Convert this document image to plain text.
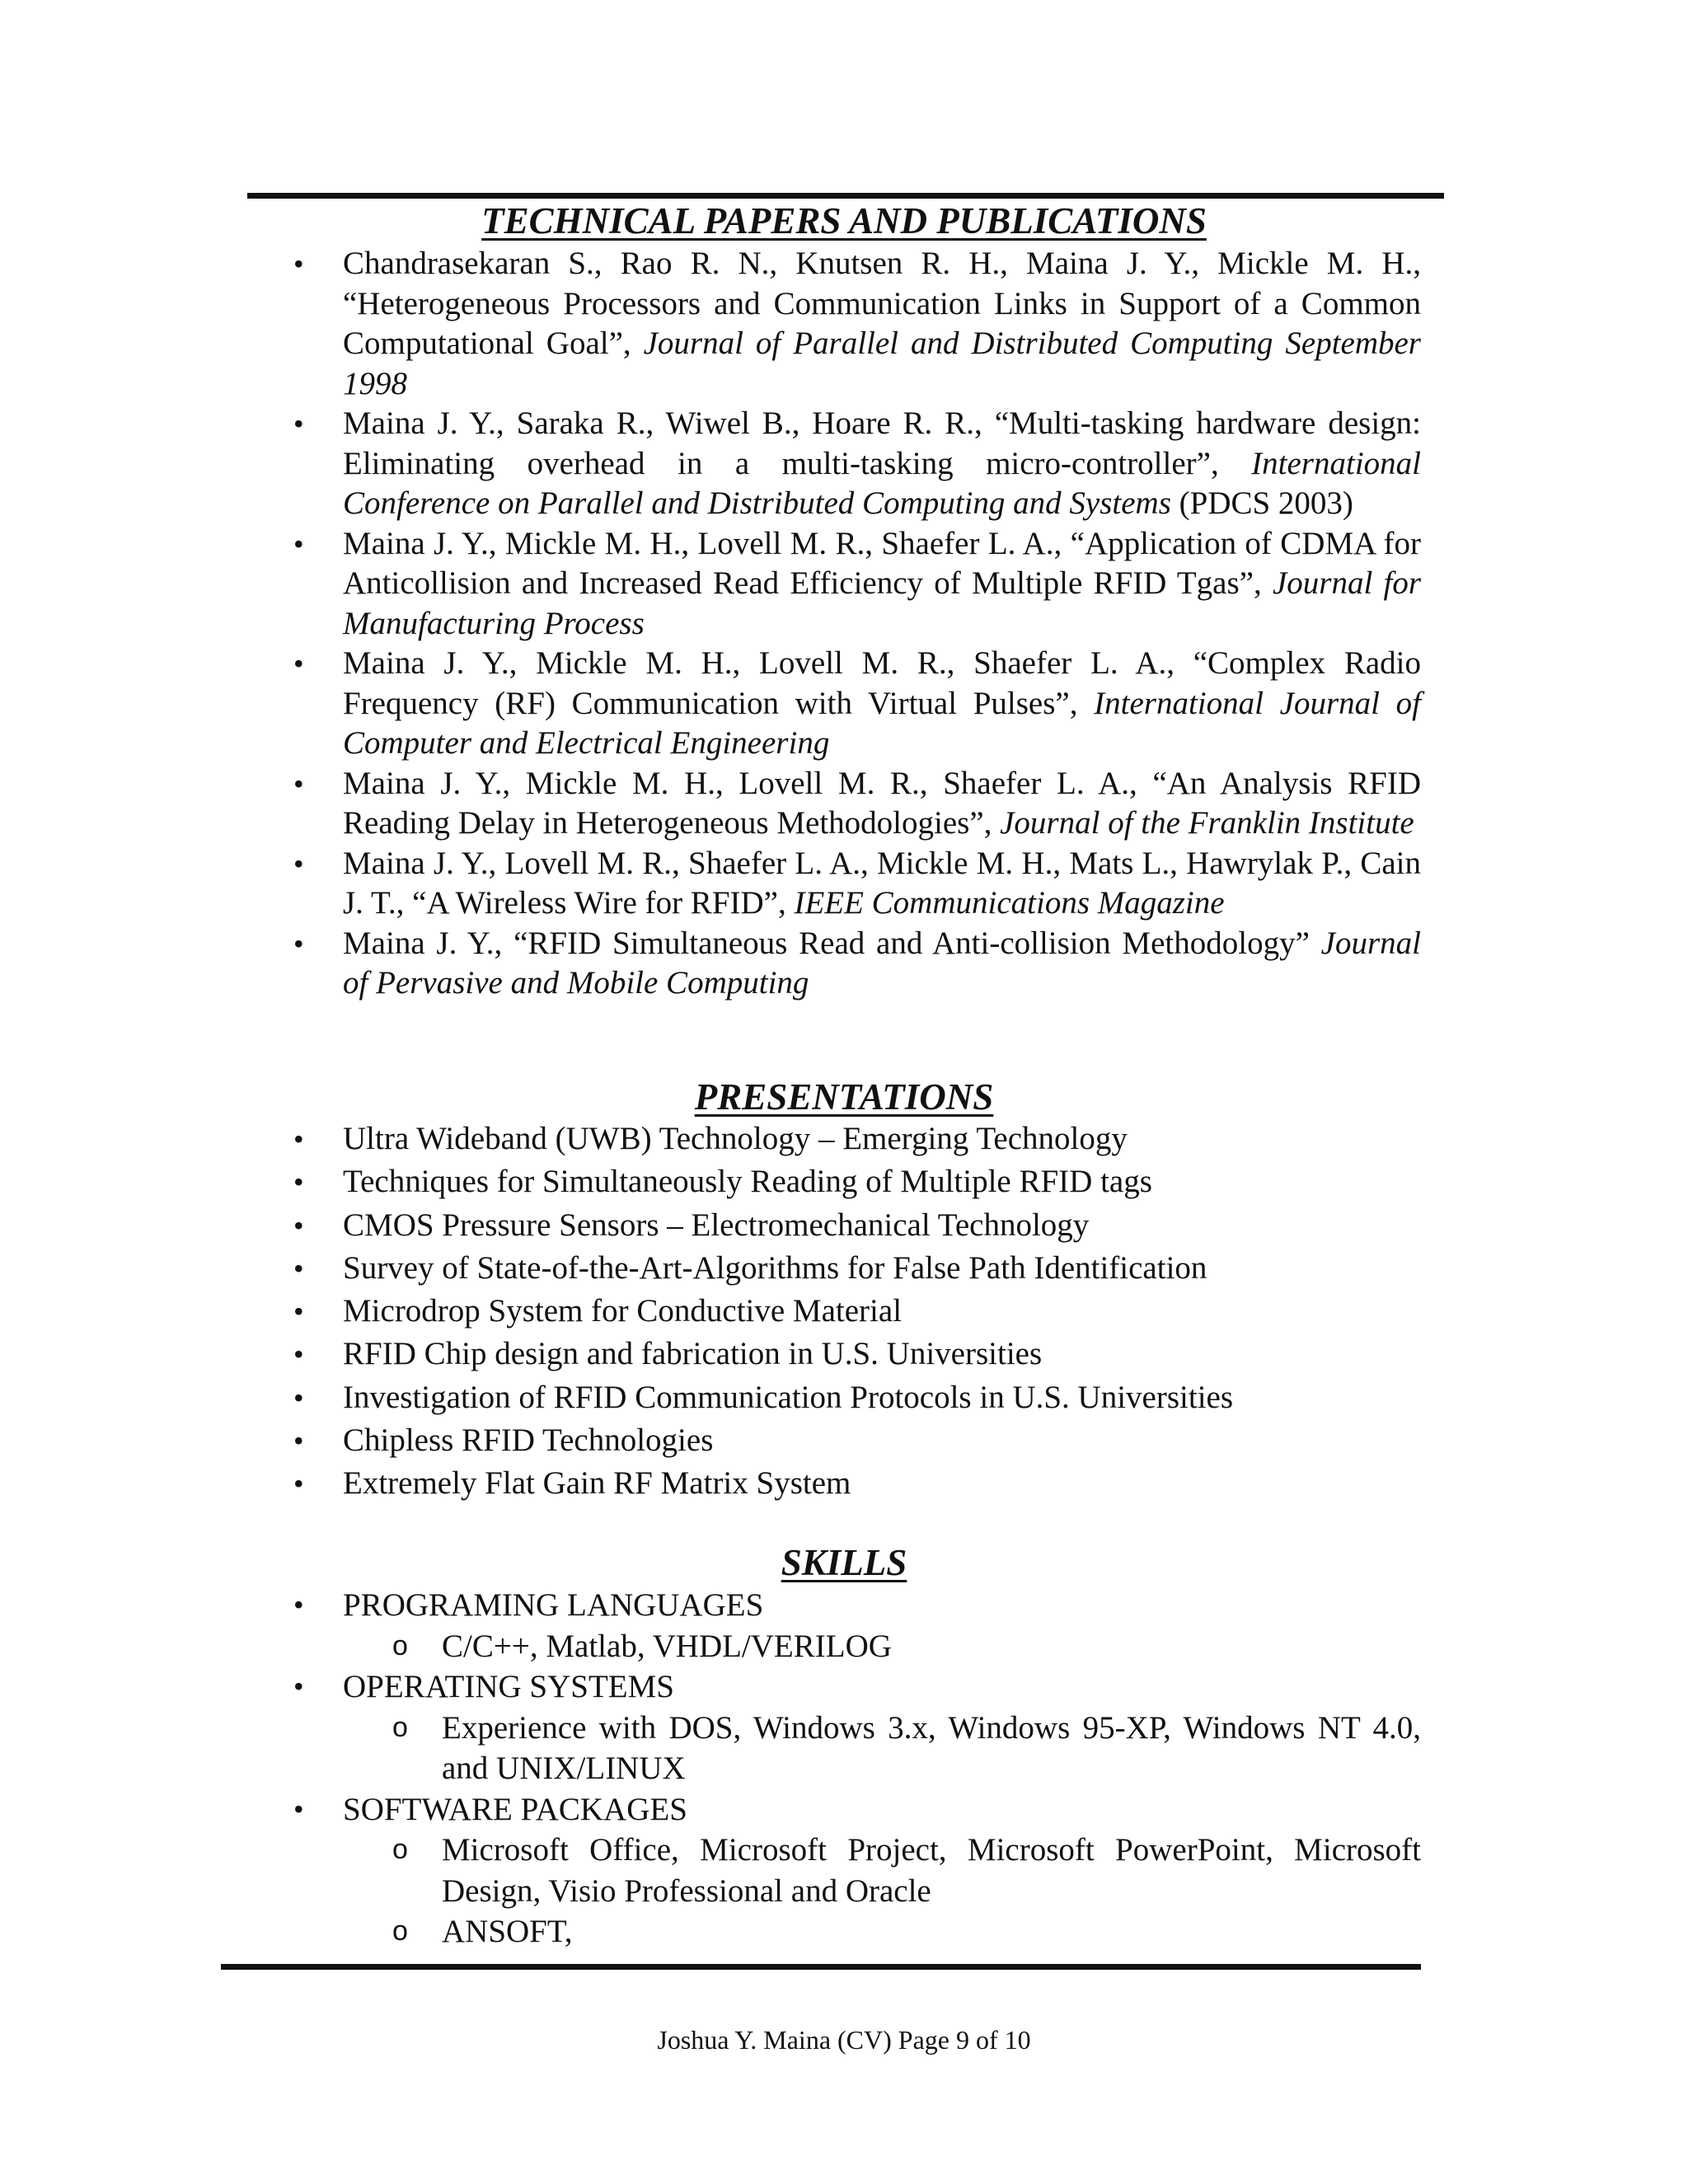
TECHNICAL PAPERS AND PUBLICATIONS
• Chandrasekaran S., Rao R. N., Knutsen R. H., Maina J. Y., Mickle M. H., “Heterogeneous Processors and Communication Links in Support of a Common Computational Goal”, Journal of Parallel and Distributed Computing September 1998
• Maina J. Y., Saraka R., Wiwel B., Hoare R. R., “Multi-tasking hardware design: Eliminating overhead in a multi-tasking micro-controller”, International Conference on Parallel and Distributed Computing and Systems (PDCS 2003)
• Maina J. Y., Mickle M. H., Lovell M. R., Shaefer L. A., “Application of CDMA for Anticollision and Increased Read Efficiency of Multiple RFID Tgas”, Journal for Manufacturing Process
• Maina J. Y., Mickle M. H., Lovell M. R., Shaefer L. A., “Complex Radio Frequency (RF) Communication with Virtual Pulses”, International Journal of Computer and Electrical Engineering
• Maina J. Y., Mickle M. H., Lovell M. R., Shaefer L. A., “An Analysis RFID Reading Delay in Heterogeneous Methodologies”, Journal of the Franklin Institute
• Maina J. Y., Lovell M. R., Shaefer L. A., Mickle M. H., Mats L., Hawrylak P., Cain J. T., “A Wireless Wire for RFID”, IEEE Communications Magazine
• Maina J. Y., “RFID Simultaneous Read and Anti-collision Methodology” Journal of Pervasive and Mobile Computing
PRESENTATIONS
• Ultra Wideband (UWB) Technology – Emerging Technology
• Techniques for Simultaneously Reading of Multiple RFID tags
• CMOS Pressure Sensors – Electromechanical Technology
• Survey of State-of-the-Art-Algorithms for False Path Identification
• Microdrop System for Conductive Material
• RFID Chip design and fabrication in U.S. Universities
• Investigation of RFID Communication Protocols in U.S. Universities
• Chipless RFID Technologies
• Extremely Flat Gain RF Matrix System
SKILLS
• PROGRAMING LANGUAGES
o C/C++, Matlab, VHDL/VERILOG
• OPERATING SYSTEMS
o Experience with DOS, Windows 3.x, Windows 95-XP, Windows NT 4.0, and UNIX/LINUX
• SOFTWARE PACKAGES
o Microsoft Office, Microsoft Project, Microsoft PowerPoint, Microsoft Design, Visio Professional and Oracle
o ANSOFT,
Joshua Y. Maina (CV) Page 9 of 10
